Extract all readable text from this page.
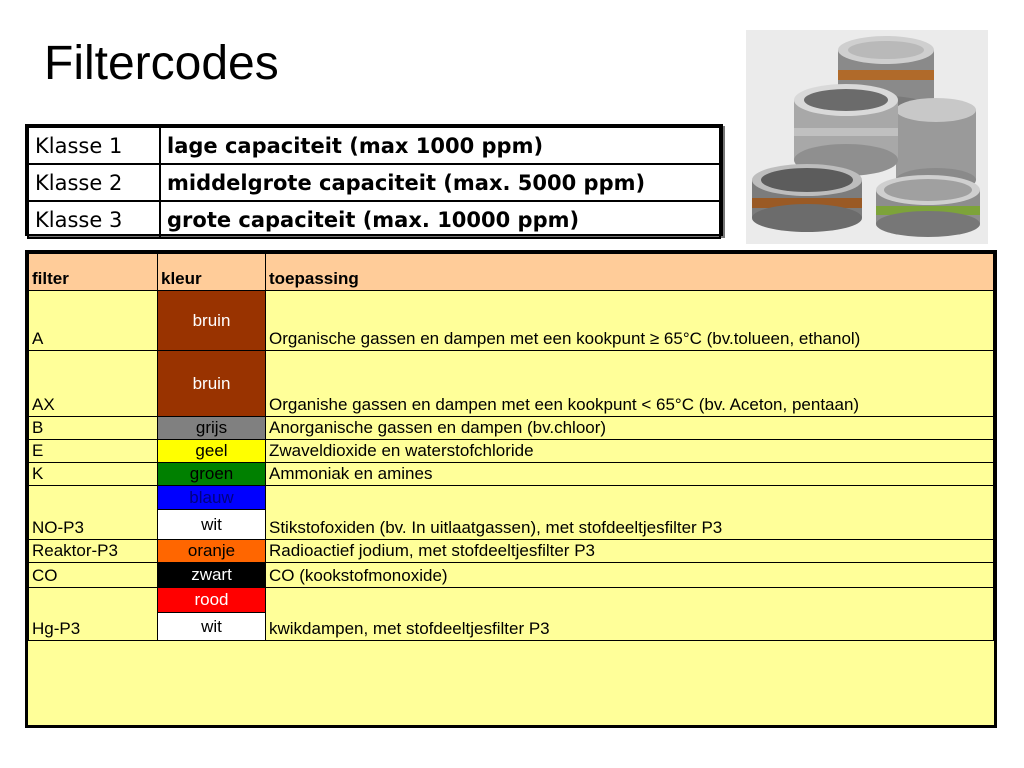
Filtercodes
Klasse 1	lage capaciteit (max 1000 ppm)
Klasse 2	middelgrote capaciteit (max. 5000 ppm)
Klasse 3	grote capaciteit (max. 10000 ppm)
filter	kleur	toepassing
A	bruin	Organische gassen en dampen met een kookpunt ≥ 65°C (bv.tolueen, ethanol)
AX	bruin	Organishe gassen en dampen met een kookpunt < 65°C (bv. Aceton, pentaan)
B	grijs	Anorganische gassen en dampen (bv.chloor)
E	geel	Zwaveldioxide en waterstofchloride
K	groen	Ammoniak en amines
NO-P3	blauw	Stikstofoxiden (bv. In uitlaatgassen), met stofdeeltjesfilter P3
	wit	
Reaktor-P3	oranje	Radioactief jodium, met stofdeeltjesfilter P3
CO	zwart	CO (kookstofmonoxide)
Hg-P3	rood	kwikdampen, met stofdeeltjesfilter P3
	wit	
